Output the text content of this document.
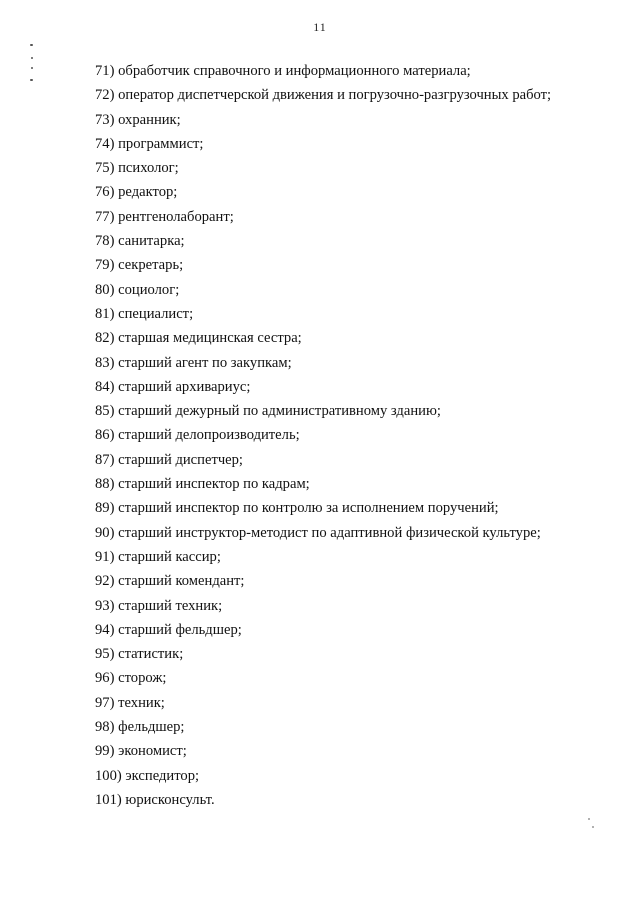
11
71) обработчик справочного и информационного материала;
72) оператор диспетчерской движения и погрузочно-разгрузочных работ;
73) охранник;
74) программист;
75) психолог;
76) редактор;
77) рентгенолаборант;
78) санитарка;
79) секретарь;
80) социолог;
81) специалист;
82) старшая медицинская сестра;
83) старший агент по закупкам;
84) старший архивариус;
85) старший дежурный по административному зданию;
86) старший делопроизводитель;
87) старший диспетчер;
88) старший инспектор по кадрам;
89) старший инспектор по контролю за исполнением поручений;
90) старший инструктор-методист по адаптивной физической культуре;
91) старший кассир;
92) старший комендант;
93) старший техник;
94) старший фельдшер;
95) статистик;
96) сторож;
97) техник;
98) фельдшер;
99) экономист;
100) экспедитор;
101) юрисконсульт.
